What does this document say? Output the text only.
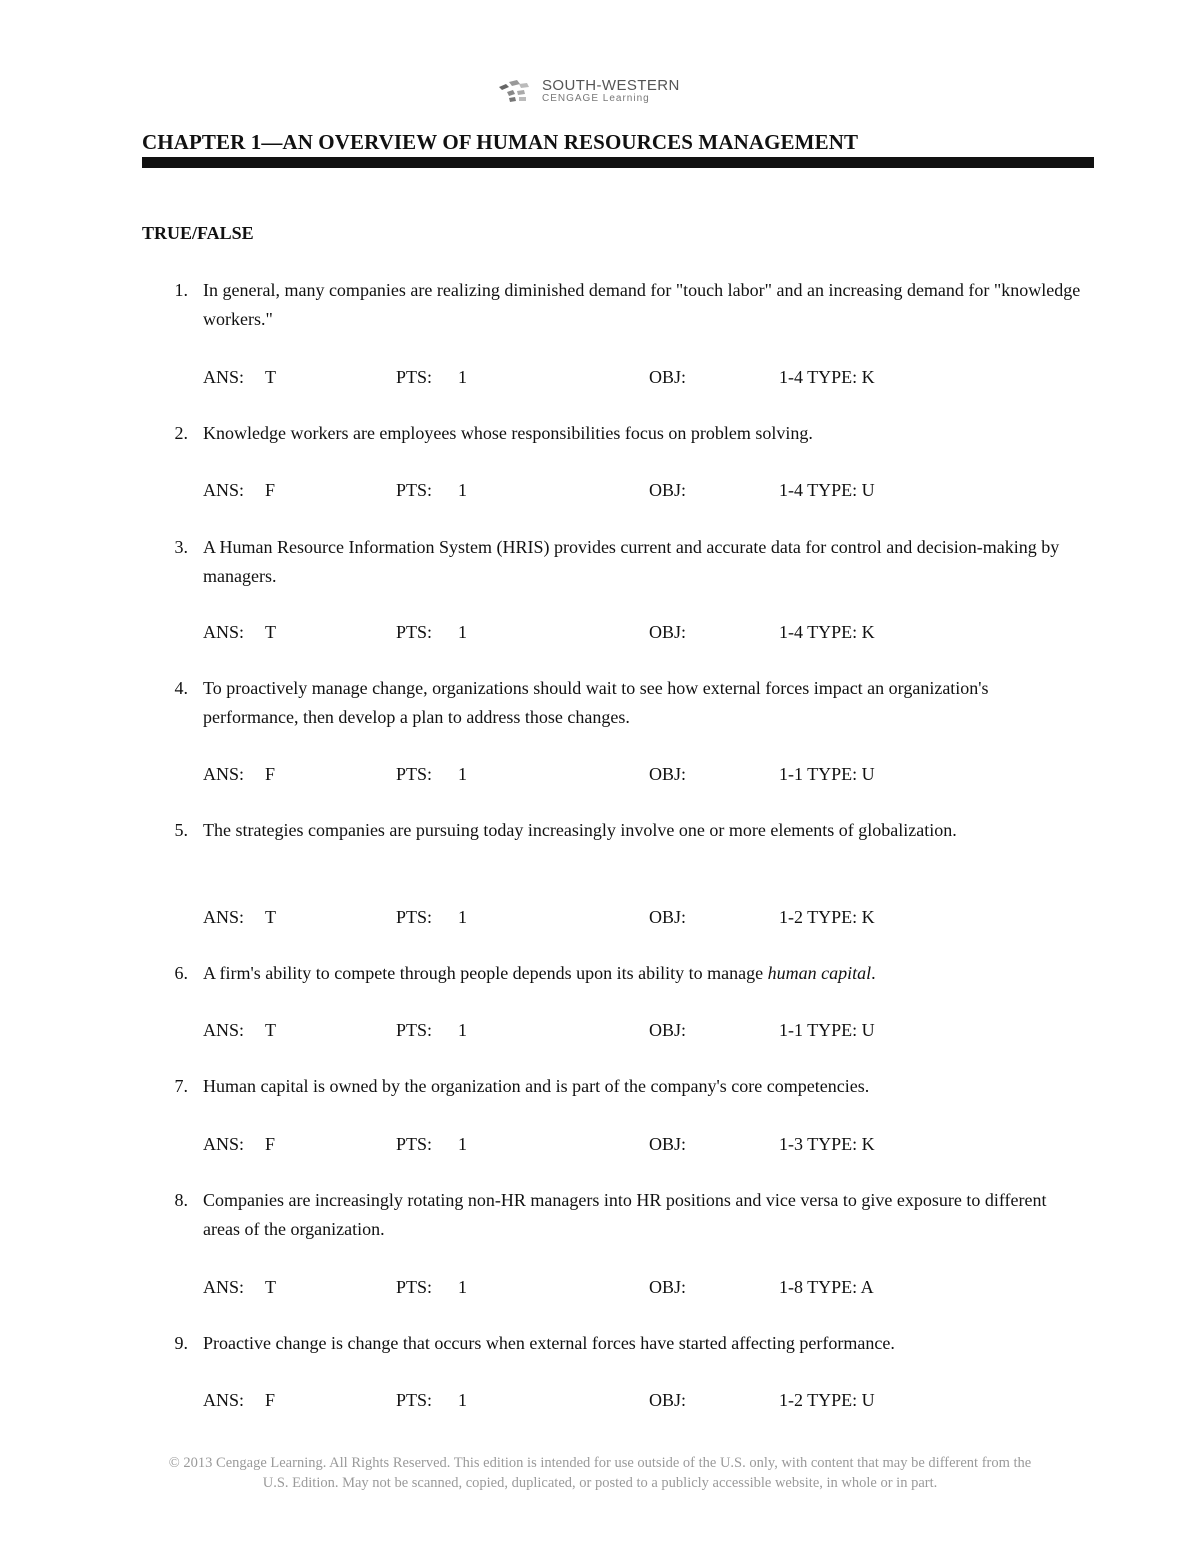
SOUTH-WESTERN
CENGAGE Learning
CHAPTER 1—AN OVERVIEW OF HUMAN RESOURCES MANAGEMENT
TRUE/FALSE
1. In general, many companies are realizing diminished demand for "touch labor" and an increasing demand for "knowledge workers."
ANS: T	PTS: 1	OBJ:	1-4 TYPE: K
2. Knowledge workers are employees whose responsibilities focus on problem solving.
ANS: F	PTS: 1	OBJ:	1-4 TYPE: U
3. A Human Resource Information System (HRIS) provides current and accurate data for control and decision-making by managers.
ANS: T	PTS: 1	OBJ:	1-4 TYPE: K
4. To proactively manage change, organizations should wait to see how external forces impact an organization's performance, then develop a plan to address those changes.
ANS: F	PTS: 1	OBJ:	1-1 TYPE: U
5. The strategies companies are pursuing today increasingly involve one or more elements of globalization.
ANS: T	PTS: 1	OBJ:	1-2 TYPE: K
6. A firm's ability to compete through people depends upon its ability to manage human capital.
ANS: T	PTS: 1	OBJ:	1-1 TYPE: U
7. Human capital is owned by the organization and is part of the company's core competencies.
ANS: F	PTS: 1	OBJ:	1-3 TYPE: K
8. Companies are increasingly rotating non-HR managers into HR positions and vice versa to give exposure to different areas of the organization.
ANS: T	PTS: 1	OBJ:	1-8 TYPE: A
9. Proactive change is change that occurs when external forces have started affecting performance.
ANS: F	PTS: 1	OBJ:	1-2 TYPE: U
© 2013 Cengage Learning. All Rights Reserved. This edition is intended for use outside of the U.S. only, with content that may be different from the
U.S. Edition. May not be scanned, copied, duplicated, or posted to a publicly accessible website, in whole or in part.
